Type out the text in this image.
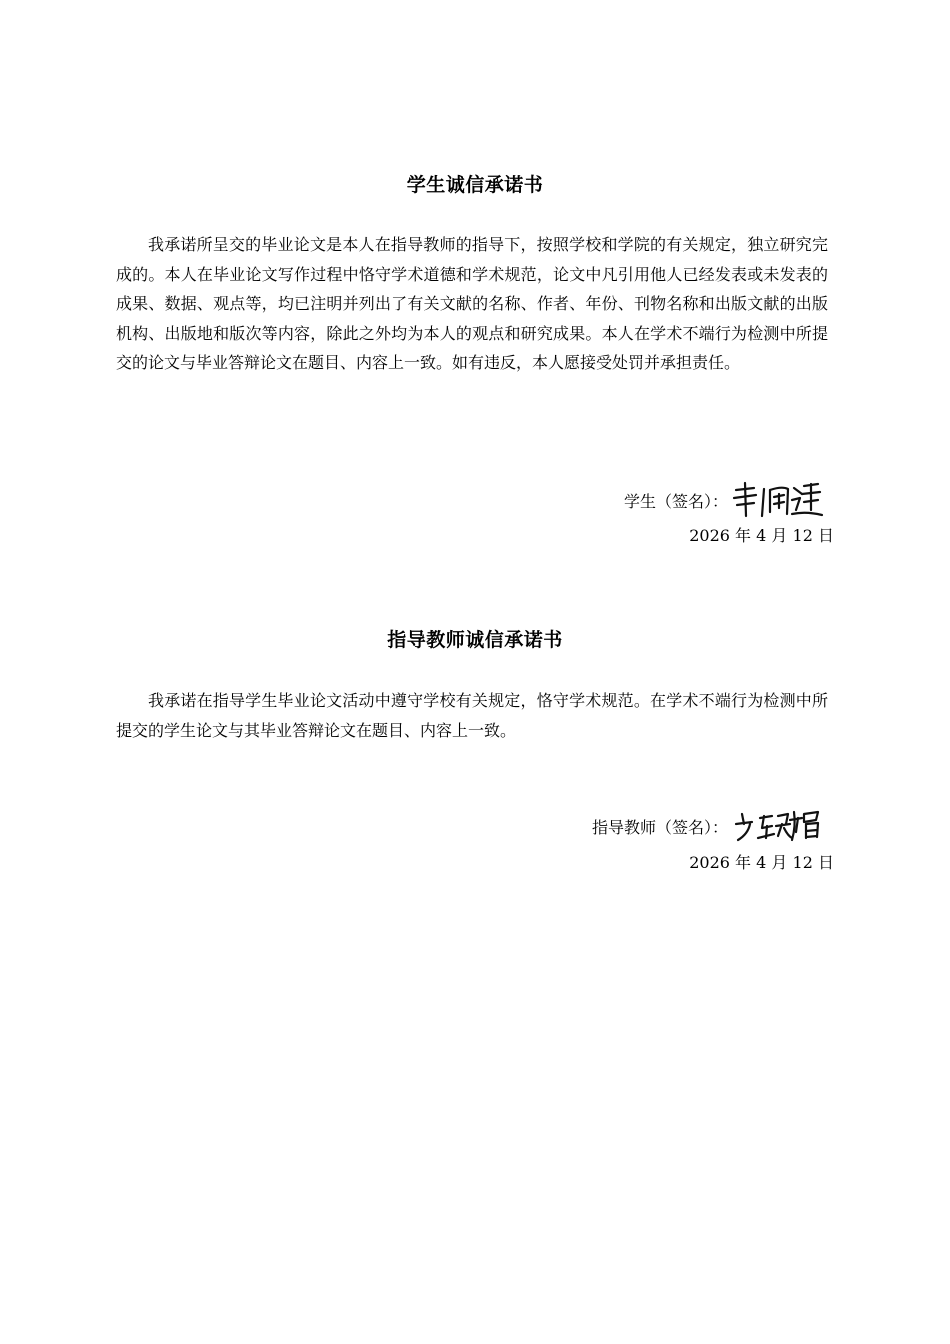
学生诚信承诺书

我承诺所呈交的毕业论文是本人在指导教师的指导下，按照学校和学院的有关规定，独立研究完成的。本人在毕业论文写作过程中恪守学术道德和学术规范，论文中凡引用他人已经发表或未发表的成果、数据、观点等，均已注明并列出了有关文献的名称、作者、年份、刊物名称和出版文献的出版机构、出版地和版次等内容，除此之外均为本人的观点和研究成果。本人在学术不端行为检测中所提交的论文与毕业答辩论文在题目、内容上一致。如有违反，本人愿接受处罚并承担责任。

学生（签名）：
2026 年 4 月 12 日
指导教师诚信承诺书

我承诺在指导学生毕业论文活动中遵守学校有关规定，恪守学术规范。在学术不端行为检测中所提交的学生论文与其毕业答辩论文在题目、内容上一致。

指导教师（签名）：
2026 年 4 月 12 日
